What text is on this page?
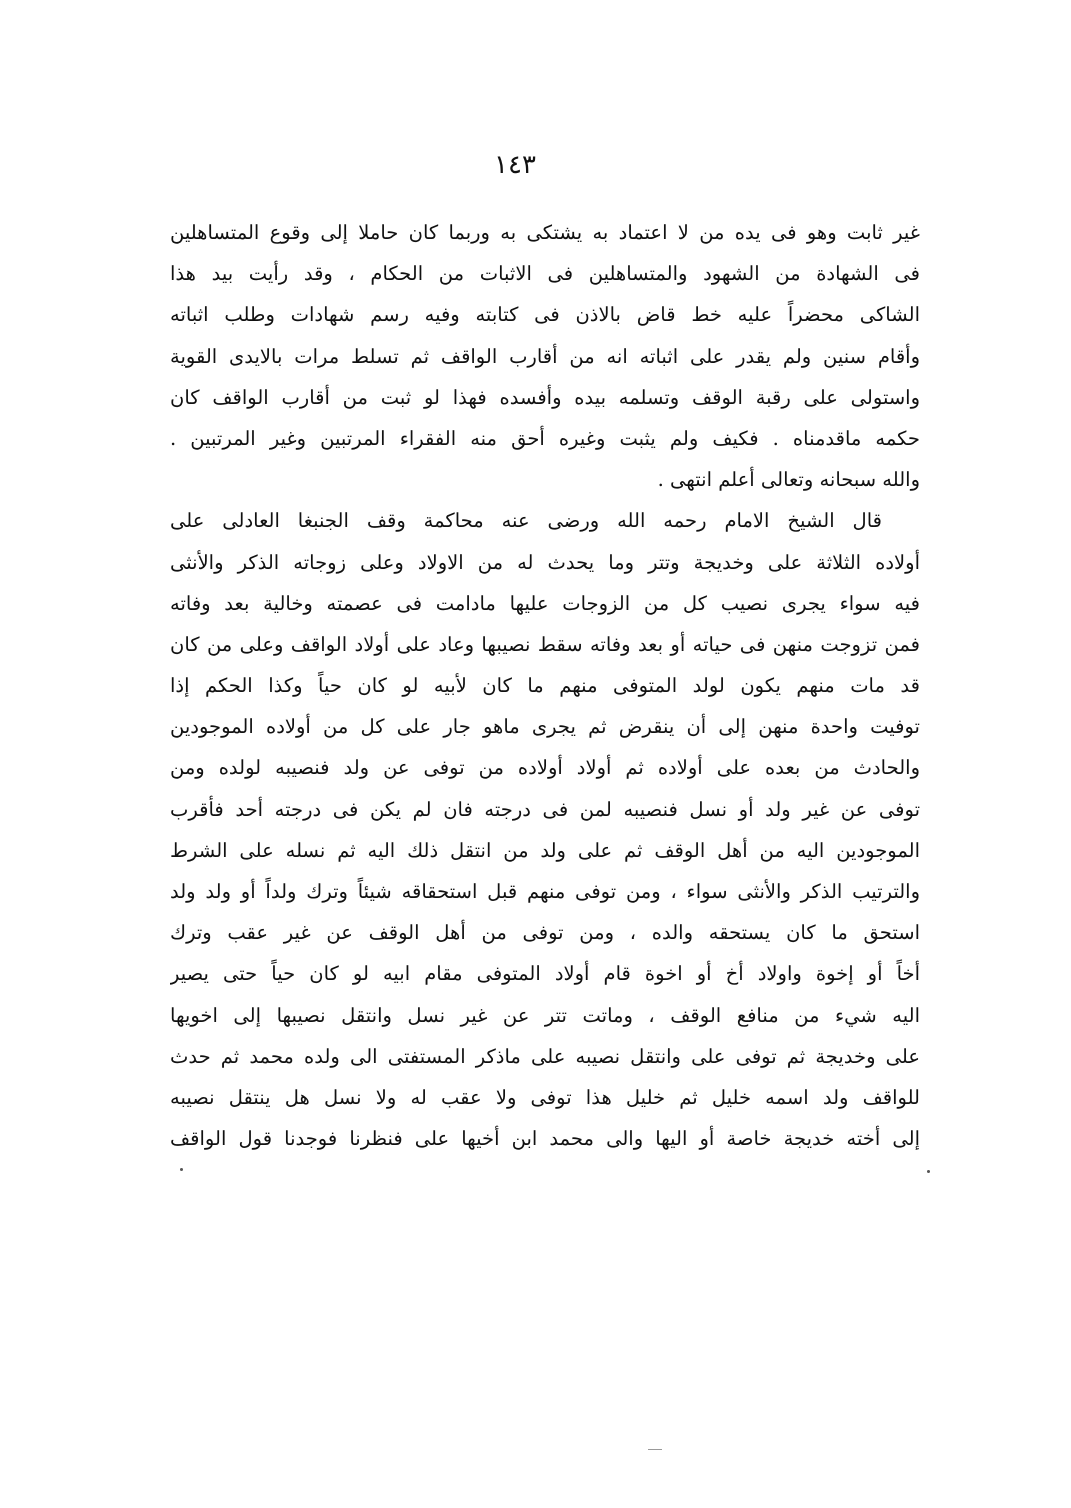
١٤٣
غير ثابت وهو فى يده من لا اعتماد به يشتكى به وربما كان حاملا إلى وقوع المتساهلين
فى الشهادة من الشهود والمتساهلين فى الاثبات من الحكام ، وقد رأيت بيد هذا
الشاكى محضراً عليه خط قاض بالاذن فى كتابته وفيه رسم شهادات وطلب اثباته
وأقام سنين ولم يقدر على اثباته انه من أقارب الواقف ثم تسلط مرات بالايدى القوية
واستولى على رقبة الوقف وتسلمه بيده وأفسده فهذا لو ثبت من أقارب الواقف كان
حكمه ماقدمناه . فكيف ولم يثبت وغيره أحق منه الفقراء المرتبين وغير المرتبين .
والله سبحانه وتعالى أعلم انتهى .
قال الشيخ الامام رحمه الله ورضى عنه محاكمة وقف الجنبغا العادلى على
أولاده الثلاثة على وخديجة وتتر وما يحدث له من الاولاد وعلى زوجاته الذكر والأنثى
فيه سواء يجرى نصيب كل من الزوجات عليها مادامت فى عصمته وخالية بعد وفاته
فمن تزوجت منهن فى حياته أو بعد وفاته سقط نصيبها وعاد على أولاد الواقف وعلى من كان
قد مات منهم يكون لولد المتوفى منهم ما كان لأبيه لو كان حياً وكذا الحكم إذا
توفيت واحدة منهن إلى أن ينقرض ثم يجرى ماهو جار على كل من أولاده الموجودين
والحادث من بعده على أولاده ثم أولاد أولاده من توفى عن ولد فنصيبه لولده ومن
توفى عن غير ولد أو نسل فنصيبه لمن فى درجته فان لم يكن فى درجته أحد فأقرب
الموجودين اليه من أهل الوقف ثم على ولد من انتقل ذلك اليه ثم نسله على الشرط
والترتيب الذكر والأنثى سواء ، ومن توفى منهم قبل استحقاقه شيئاً وترك ولداً أو ولد ولد
استحق ما كان يستحقه والده ، ومن توفى من أهل الوقف عن غير عقب وترك
أخاً أو إخوة واولاد أخ أو اخوة قام أولاد المتوفى مقام ابيه لو كان حياً حتى يصير
اليه شيء من منافع الوقف ، وماتت تتر عن غير نسل وانتقل نصيبها إلى اخويها
على وخديجة ثم توفى على وانتقل نصيبه على ماذكر المستفتى الى ولده محمد ثم حدث
للواقف ولد اسمه خليل ثم خليل هذا توفى ولا عقب له ولا نسل هل ينتقل نصيبه
إلى أخته خديجة خاصة أو اليها والى محمد ابن أخيها على فنظرنا فوجدنا قول الواقف
